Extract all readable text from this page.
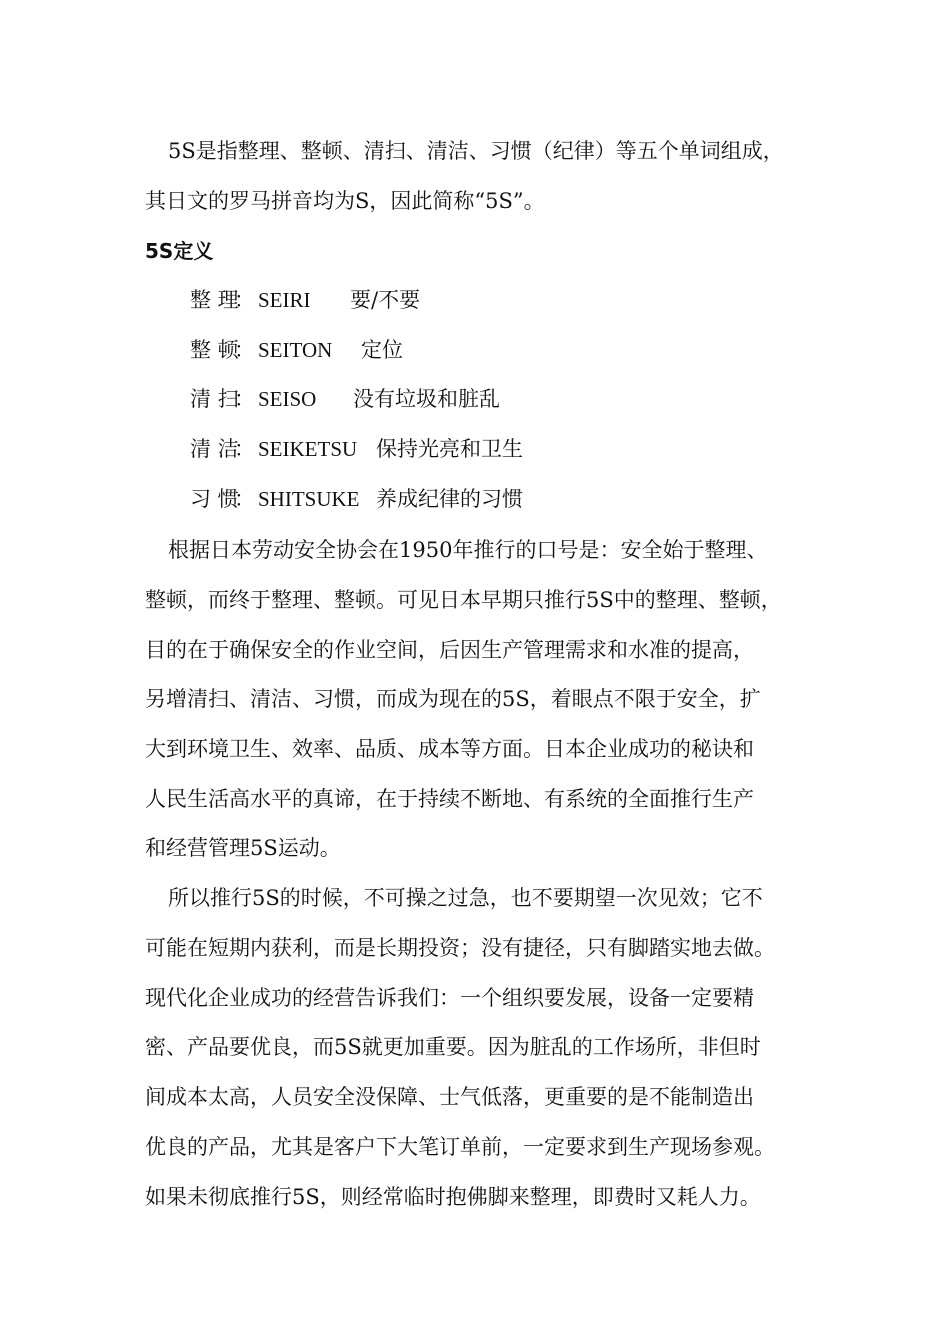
5S是指整理、整顿、清扫、清洁、习惯（纪律）等五个单词组成，
其日文的罗马拼音均为S，因此简称“5S”。
5S定义
整 理： SEIRI 要/不要
整 顿： SEITON 定位
清 扫： SEISO 没有垃圾和脏乱
清 洁： SEIKETSU 保持光亮和卫生
习 惯： SHITSUKE 养成纪律的习惯
根据日本劳动安全协会在1950年推行的口号是：安全始于整理、
整顿，而终于整理、整顿。可见日本早期只推行5S中的整理、整顿，
目的在于确保安全的作业空间，后因生产管理需求和水准的提高，
另增清扫、清洁、习惯，而成为现在的5S，着眼点不限于安全，扩
大到环境卫生、效率、品质、成本等方面。日本企业成功的秘诀和
人民生活高水平的真谛，在于持续不断地、有系统的全面推行生产
和经营管理5S运动。
所以推行5S的时候，不可操之过急，也不要期望一次见效；它不
可能在短期内获利，而是长期投资；没有捷径，只有脚踏实地去做。
现代化企业成功的经营告诉我们：一个组织要发展，设备一定要精
密、产品要优良，而5S就更加重要。因为脏乱的工作场所，非但时
间成本太高，人员安全没保障、士气低落，更重要的是不能制造出
优良的产品，尤其是客户下大笔订单前，一定要求到生产现场参观。
如果未彻底推行5S，则经常临时抱佛脚来整理，即费时又耗人力。
